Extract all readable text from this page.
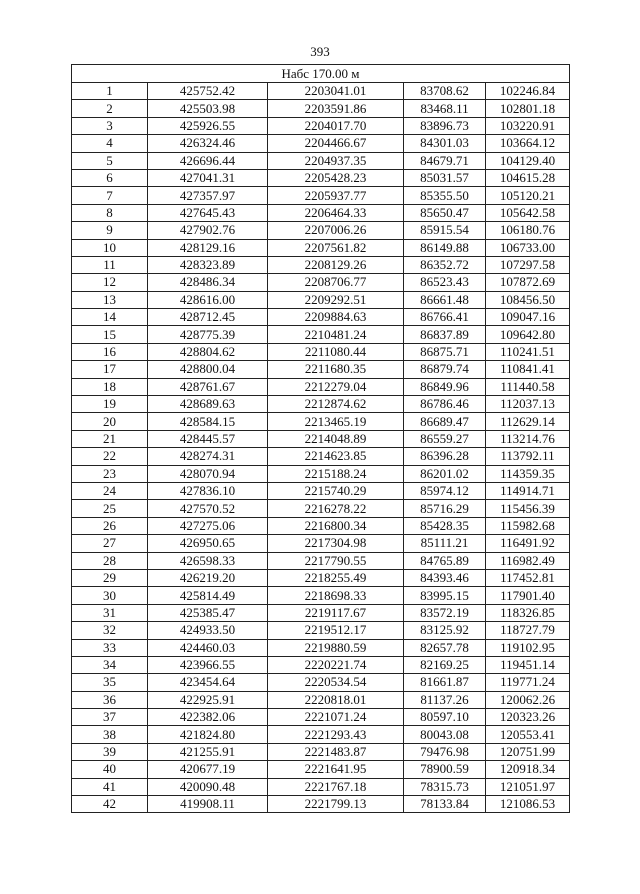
393
Набс 170.00 м				
1	425752.42	2203041.01	83708.62	102246.84
2	425503.98	2203591.86	83468.11	102801.18
3	425926.55	2204017.70	83896.73	103220.91
4	426324.46	2204466.67	84301.03	103664.12
5	426696.44	2204937.35	84679.71	104129.40
6	427041.31	2205428.23	85031.57	104615.28
7	427357.97	2205937.77	85355.50	105120.21
8	427645.43	2206464.33	85650.47	105642.58
9	427902.76	2207006.26	85915.54	106180.76
10	428129.16	2207561.82	86149.88	106733.00
11	428323.89	2208129.26	86352.72	107297.58
12	428486.34	2208706.77	86523.43	107872.69
13	428616.00	2209292.51	86661.48	108456.50
14	428712.45	2209884.63	86766.41	109047.16
15	428775.39	2210481.24	86837.89	109642.80
16	428804.62	2211080.44	86875.71	110241.51
17	428800.04	2211680.35	86879.74	110841.41
18	428761.67	2212279.04	86849.96	111440.58
19	428689.63	2212874.62	86786.46	112037.13
20	428584.15	2213465.19	86689.47	112629.14
21	428445.57	2214048.89	86559.27	113214.76
22	428274.31	2214623.85	86396.28	113792.11
23	428070.94	2215188.24	86201.02	114359.35
24	427836.10	2215740.29	85974.12	114914.71
25	427570.52	2216278.22	85716.29	115456.39
26	427275.06	2216800.34	85428.35	115982.68
27	426950.65	2217304.98	85111.21	116491.92
28	426598.33	2217790.55	84765.89	116982.49
29	426219.20	2218255.49	84393.46	117452.81
30	425814.49	2218698.33	83995.15	117901.40
31	425385.47	2219117.67	83572.19	118326.85
32	424933.50	2219512.17	83125.92	118727.79
33	424460.03	2219880.59	82657.78	119102.95
34	423966.55	2220221.74	82169.25	119451.14
35	423454.64	2220534.54	81661.87	119771.24
36	422925.91	2220818.01	81137.26	120062.26
37	422382.06	2221071.24	80597.10	120323.26
38	421824.80	2221293.43	80043.08	120553.41
39	421255.91	2221483.87	79476.98	120751.99
40	420677.19	2221641.95	78900.59	120918.34
41	420090.48	2221767.18	78315.73	121051.97
42	419908.11	2221799.13	78133.84	121086.53
